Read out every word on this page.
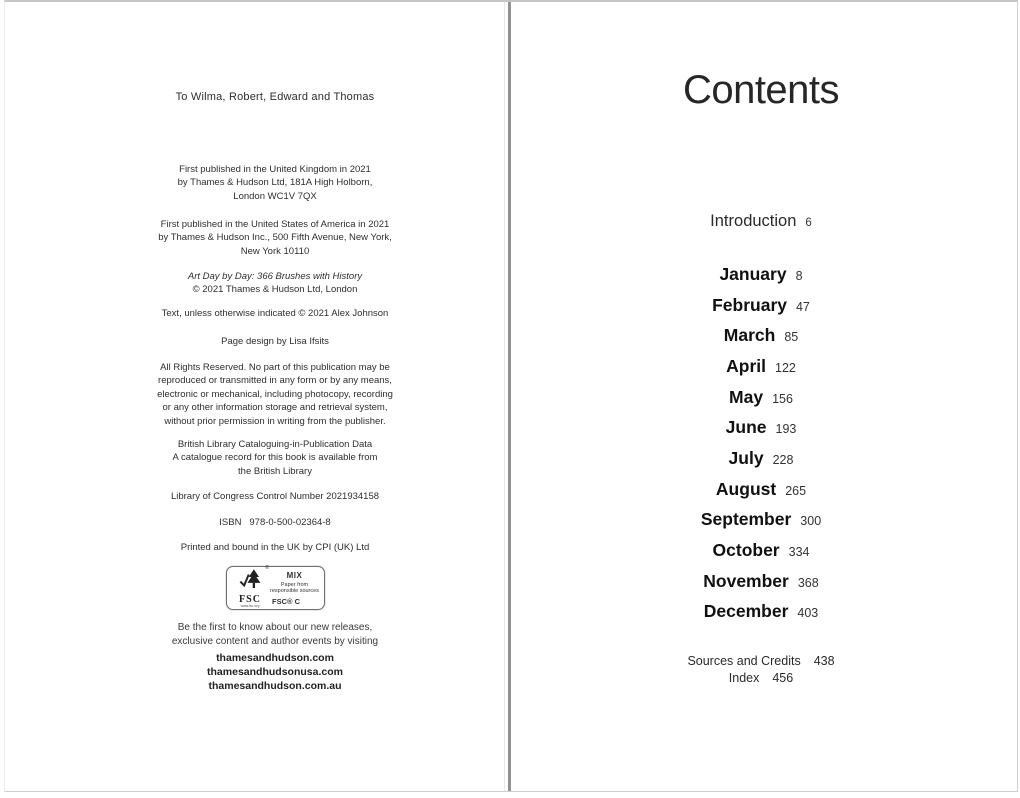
To Wilma, Robert, Edward and Thomas
First published in the United Kingdom in 2021
by Thames & Hudson Ltd, 181A High Holborn,
London WC1V 7QX
First published in the United States of America in 2021
by Thames & Hudson Inc., 500 Fifth Avenue, New York,
New York 10110
Art Day by Day: 366 Brushes with History
© 2021 Thames & Hudson Ltd, London
Text, unless otherwise indicated © 2021 Alex Johnson
Page design by Lisa Ifsits
All Rights Reserved. No part of this publication may be
reproduced or transmitted in any form or by any means,
electronic or mechanical, including photocopy, recording
or any other information storage and retrieval system,
without prior permission in writing from the publisher.
British Library Cataloguing-in-Publication Data
A catalogue record for this book is available from
the British Library
Library of Congress Control Number 2021934158
ISBN   978-0-500-02364-8
Printed and bound in the UK by CPI (UK) Ltd
®
FSC
www.fsc.org
MIX
Paper from
responsible sources
FSC® C
Be the first to know about our new releases,
exclusive content and author events by visiting
thamesandhudson.com
thamesandhudsonusa.com
thamesandhudson.com.au
Contents
Introduction 6
January 8
February 47
March 85
April 122
May 156
June 193
July 228
August 265
September 300
October 334
November 368
December 403
Sources and Credits 438
Index 456
